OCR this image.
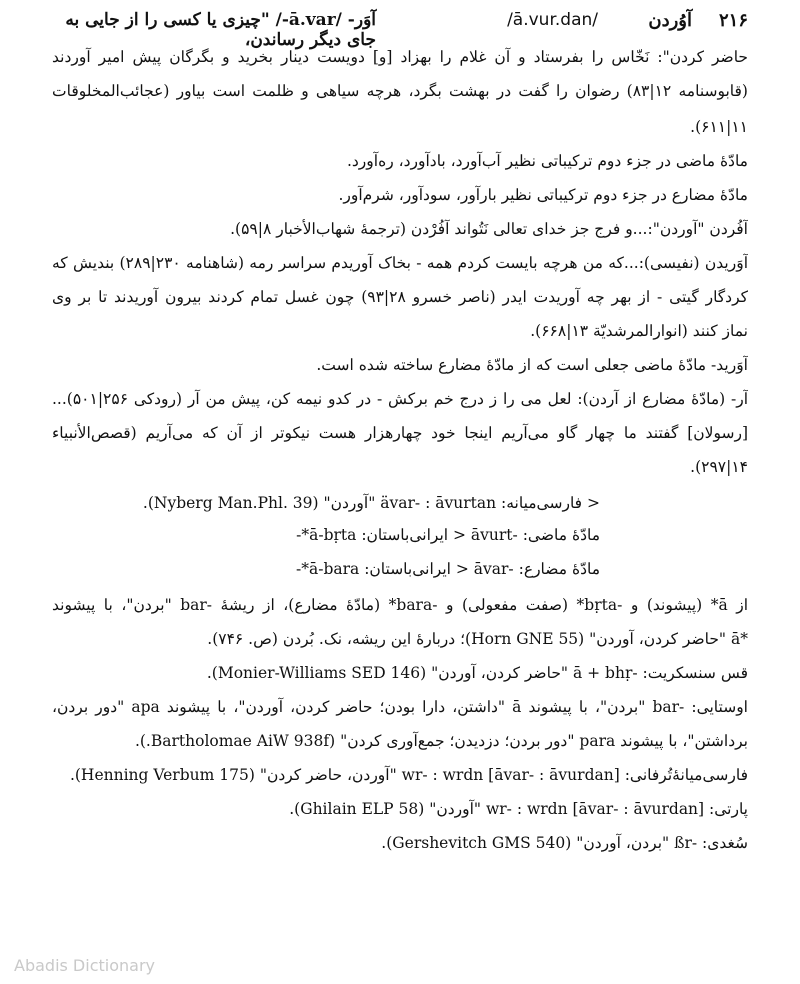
۲۱۶
آوُردن
/ā.vur.dan/
آوَر- /ā.var-/ "چیزی یا کسی را از جایی به جای دیگر رساندن،
حاضر کردن": نَخّاس را بفرستاد و آن غلام را بهزاد [و] دویست دینار بخرید و بگرگان پیش امیر آوردند
(قابوسنامه ۱۲|۸۳) رضوان را گفت در بهشت بگرد، هرچه سیاهی و ظلمت است بیاور (عجائب‌المخلوقات
۱۱|۶۱۱).
مادّهٔ ماضی در جزء دوم ترکیباتی نظیر آب‌آورد، بادآورد، ره‌آورد.
مادّهٔ مضارع در جزء دوم ترکیباتی نظیر بارآور، سودآور، شرم‌آور.
آفُردن "آوردن":...و فرج جز خدای تعالی نَتُواند آفُرْدن (ترجمهٔ شهاب‌الأخبار ۸|۵۹).
آوَریدن (نفیسی):...که من هرچه بایست کردم همه - بخاک آوریدم سراسر رمه (شاهنامه ۲۳۰|۲۸۹) بندیش که
کردگار گیتی - از بهر چه آوریدت ایدر (ناصر خسرو ۲۸|۹۳) چون غسل تمام کردند بیرون آوریدند تا بر وی
نماز کنند (انوارالمرشدیّة ۱۳|۶۶۸).
آوَرید- مادّهٔ ماضی جعلی است که از مادّهٔ مضارع ساخته شده است.
آر- (مادّهٔ مضارع از آردن): لعل می را ز درج خم برکش - در کدو نیمه کن، پیش من آر (رودکی ۲۵۶|۵۰۱)...
[رسولان] گفتند ما چهار گاو می‌آریم اینجا خود چهارهزار هست نیکوتر از آن که می‌آریم (قصص‌الأنبیاء
۱۴|۲۹۷).
< فارسی‌میانه: ‎ävar- : āvurtan‎ "آوردن" (Nyberg Man.Phl. 39).
مادّهٔ ماضی: ‎āvurt-‎ < ایرانی‌باستان: ‎*ā-bṛta-
مادّهٔ مضارع: ‎āvar-‎ < ایرانی‌باستان: ‎*ā-bara-
از ‎*ā‎ (پیشوند) و ‎*bṛta-‎ (صفت مفعولی) و ‎*bara-‎ (مادّهٔ مضارع)، از ریشهٔ ‎bar-‎ "بردن"، با پیشوند
‎ā*‎ "حاضر کردن، آوردن" (Horn GNE 55)؛ دربارهٔ این ریشه، نک. بُردن (ص. ۷۴۶).
قس سنسکریت: ‎ā + bhṛ-‎ "حاضر کردن، آوردن" (Monier-Williams SED 146).
اوستایی: ‎bar-‎ "بردن"، با پیشوند ‎ā‎ "داشتن، دارا بودن؛ حاضر کردن، آوردن"، با پیشوند ‎apa‎ "دور بردن،
برداشتن"، با پیشوند ‎para‎ "دور بردن؛ دزدیدن؛ جمع‌آوری کردن" (Bartholomae AiW 938f.).
فارسی‌میانهٔ‌تُرفانی: ‎wr-‎ : ‎wrdn‎ [‎āvar- : āvurdan‎] "آوردن، حاضر کردن" (Henning Verbum 175).
پارتی: ‎wr-‎ : ‎wrdn‎ [‎āvar- : āvurdan‎] "آوردن" (Ghilain ELP 58).
سُغدی: ‎ßr-‎ "بردن، آوردن" (Gershevitch GMS 540).
Abadis Dictionary
